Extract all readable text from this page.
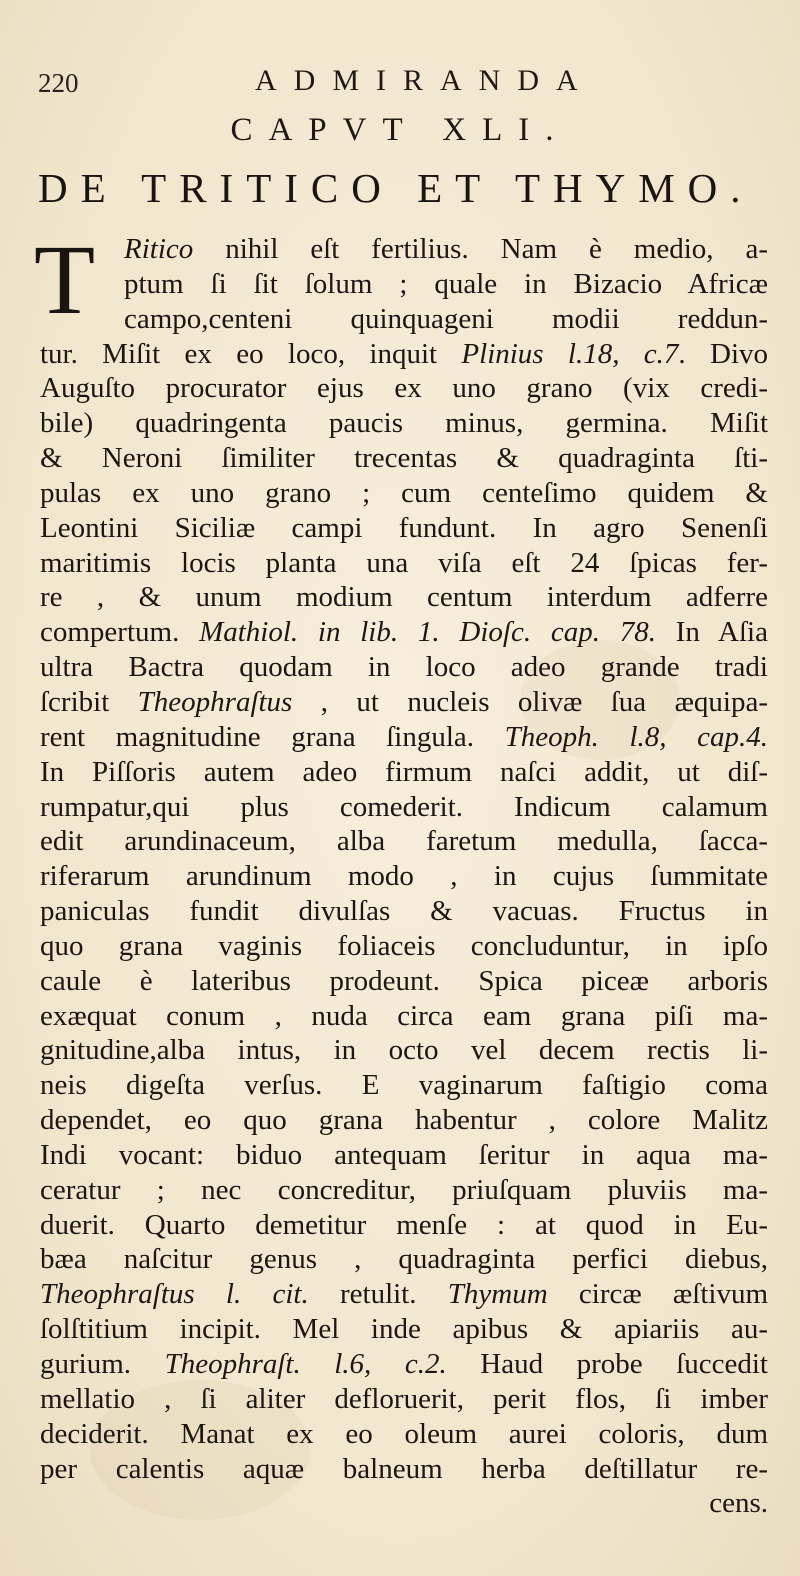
220	ADMIRANDA
CAPVT XLI.
DE TRITICO ET THYMO.
T Ritico nihil eſt fertilius. Nam è medio, a-
ptum ſi ſit ſolum ; quale in Bizacio Africæ
campo,centeni quinquageni modii reddun-
tur. Miſit ex eo loco, inquit Plinius l.18, c.7. Divo
Auguſto procurator ejus ex uno grano (vix credi-
bile) quadringenta paucis minus, germina. Miſit
& Neroni ſimiliter trecentas & quadraginta ſti-
pulas ex uno grano ; cum centeſimo quidem &
Leontini Siciliæ campi fundunt. In agro Senenſi
maritimis locis planta una viſa eſt 24 ſpicas fer-
re , & unum modium centum interdum adferre
compertum. Mathiol. in lib. 1. Dioſc. cap. 78. In Aſia
ultra Bactra quodam in loco adeo grande tradi
ſcribit Theophraſtus , ut nucleis olivæ ſua æquipa-
rent magnitudine grana ſingula. Theoph. l.8, cap.4.
In Piſſoris autem adeo firmum naſci addit, ut diſ-
rumpatur,qui plus comederit. Indicum calamum
edit arundinaceum, alba faretum medulla, ſacca-
riferarum arundinum modo , in cujus ſummitate
paniculas fundit divulſas & vacuas. Fructus in
quo grana vaginis foliaceis concluduntur, in ipſo
caule è lateribus prodeunt. Spica piceæ arboris
exæquat conum , nuda circa eam grana piſi ma-
gnitudine,alba intus, in octo vel decem rectis li-
neis digeſta verſus. E vaginarum faſtigio coma
dependet, eo quo grana habentur , colore Malitz
Indi vocant: biduo antequam ſeritur in aqua ma-
ceratur ; nec concreditur, priuſquam pluviis ma-
duerit. Quarto demetitur menſe : at quod in Eu-
bæa naſcitur genus , quadraginta perfici diebus,
Theophraſtus l. cit. retulit. Thymum circæ æſtivum
ſolſtitium incipit. Mel inde apibus & apiariis au-
gurium. Theophraſt. l.6, c.2. Haud probe ſuccedit
mellatio , ſi aliter defloruerit, perit flos, ſi imber
deciderit. Manat ex eo oleum aurei coloris, dum
per calentis aquæ balneum herba deſtillatur re-
cens.
